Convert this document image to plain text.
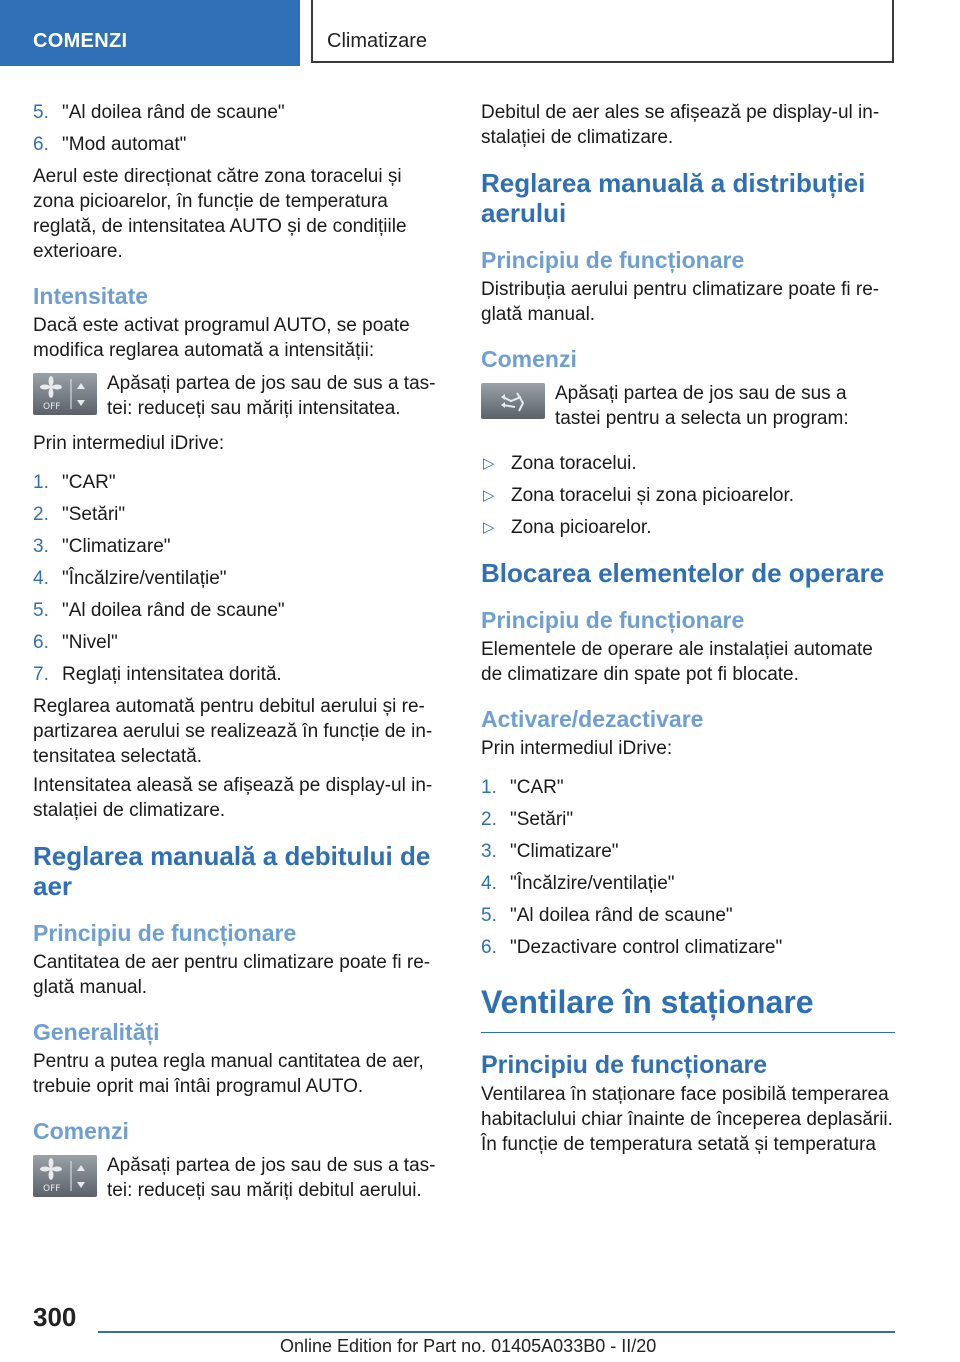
COMENZI	Climatizare
5. "Al doilea rând de scaune"
6. "Mod automat"

Aerul este direcționat către zona toracelui și zona picioarelor, în funcție de temperatura reglată, de intensitatea AUTO și de condițiile exterioare.

Intensitate

Dacă este activat programul AUTO, se poate modifica reglarea automată a intensității:

OFF

Apăsați partea de jos sau de sus a tas‐ tei: reduceți sau măriți intensitatea.

Prin intermediul iDrive:

1. "CAR"
2. "Setări"
3. "Climatizare"
4. "Încălzire/ventilație"
5. "Al doilea rând de scaune"
6. "Nivel"
7. Reglați intensitatea dorită.

Reglarea automată pentru debitul aerului și re‐ partizarea aerului se realizează în funcție de in‐ tensitatea selectată.

Intensitatea aleasă se afișează pe display-ul in‐ stalației de climatizare.

Reglarea manuală a debitului de aer
Principiu de funcționare

Cantitatea de aer pentru climatizare poate fi re‐ glată manual.

Generalități

Pentru a putea regla manual cantitatea de aer, trebuie oprit mai întâi programul AUTO.

Comenzi
OFF

Apăsați partea de jos sau de sus a tas‐ tei: reduceți sau măriți debitul aerului.

Debitul de aer ales se afișează pe display-ul in‐ stalației de climatizare.

Reglarea manuală a distribuției aerului
Principiu de funcționare

Distribuția aerului pentru climatizare poate fi re‐ glată manual.

Comenzi

Apăsați partea de jos sau de sus a tastei pentru a selecta un program:

▷ Zona toracelui.
▷ Zona toracelui și zona picioarelor.
▷ Zona picioarelor.
Blocarea elementelor de operare
Principiu de funcționare

Elementele de operare ale instalației automate de climatizare din spate pot fi blocate.

Activare/dezactivare

Prin intermediul iDrive:

1. "CAR"
2. "Setări"
3. "Climatizare"
4. "Încălzire/ventilație"
5. "Al doilea rând de scaune"
6. "Dezactivare control climatizare"
Ventilare în staționare
Principiu de funcționare

Ventilarea în staționare face posibilă temperarea habitaclului chiar înainte de începerea deplasării. În funcție de temperatura setată și temperatura

300
Online Edition for Part no. 01405A033B0 - II/20
